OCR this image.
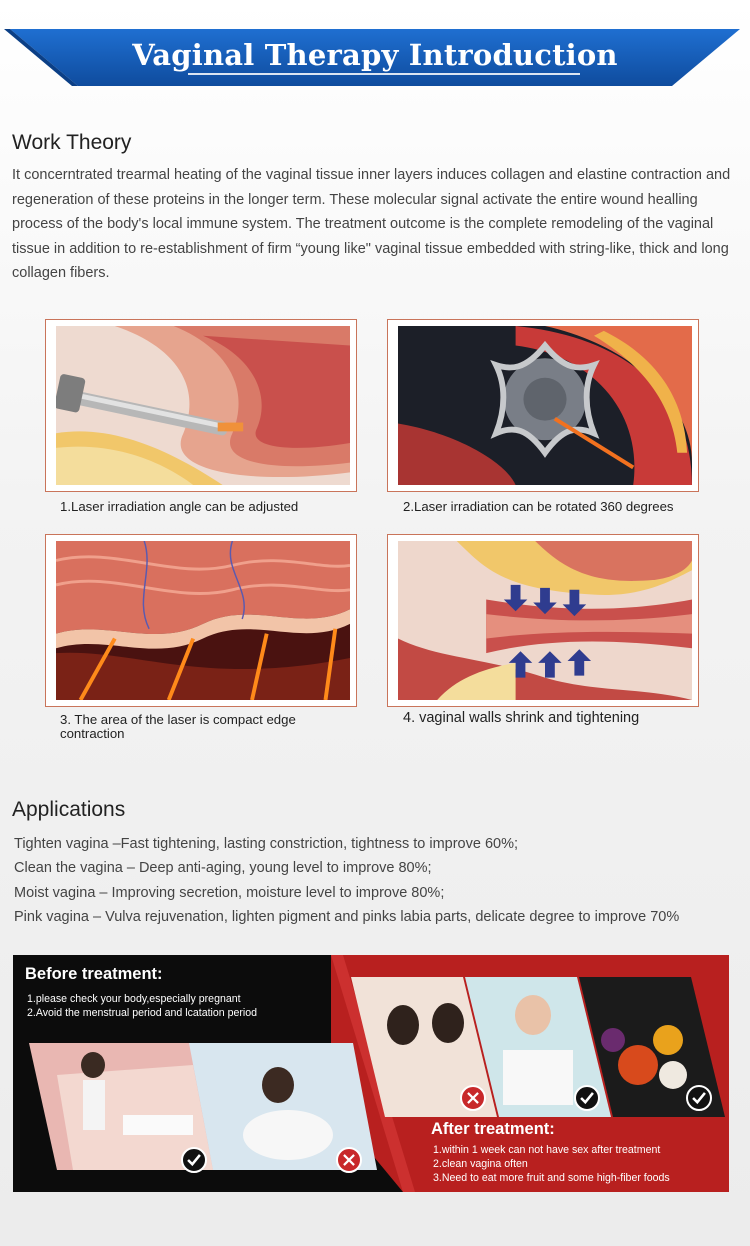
Vaginal Therapy Introduction
Work Theory
It concerntrated trearmal heating of the vaginal tissue inner layers induces collagen and elastine contraction and regeneration of these proteins in the longer term. These molecular signal activate the entire wound healling process of the body's local immune system. The treatment outcome is the complete remodeling of the vaginal tissue in addition to re-establishment of firm “young like" vaginal tissue embedded with string-like, thick and long collagen fibers.
1.Laser irradiation angle can be adjusted	2.Laser irradiation can be rotated 360 degrees
3. The area of the laser is compact edge contraction
4. vaginal walls shrink and tightening
Applications
Tighten vagina –Fast tightening, lasting constriction, tightness to improve 60%;
Clean the vagina – Deep anti-aging, young level to improve 80%;
Moist vagina – Improving secretion, moisture level to improve 80%;
Pink vagina – Vulva rejuvenation, lighten pigment and pinks labia parts, delicate degree to improve 70%
Before treatment:
1.please check your body,especially pregnant
2.Avoid the menstrual period and lcatation period
After treatment:
1.within 1 week can not have sex after treatment
2.clean vagina often
3.Need to eat more fruit and some high-fiber foods
